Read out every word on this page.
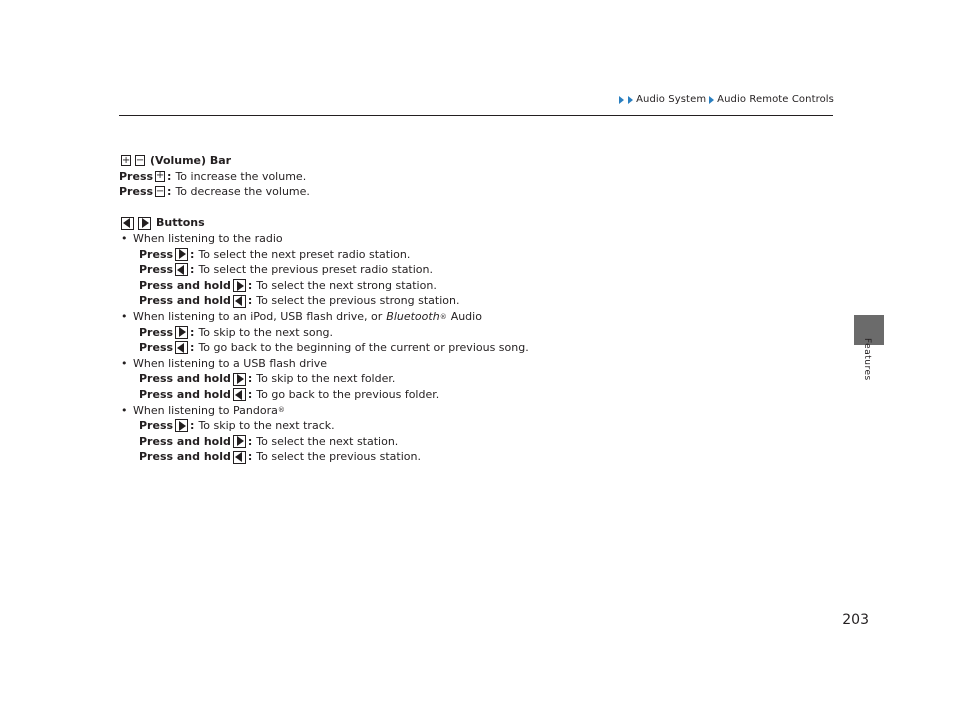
Audio System Audio Remote Controls
Features
+ − (Volume) Bar
Press + : To increase the volume.
Press − : To decrease the volume.
Buttons
• When listening to the radio
Press : To select the next preset radio station.
Press : To select the previous preset radio station.
Press and hold : To select the next strong station.
Press and hold : To select the previous strong station.
• When listening to an iPod, USB flash drive, or Bluetooth ® Audio
Press : To skip to the next song.
Press : To go back to the beginning of the current or previous song.
• When listening to a USB flash drive
Press and hold : To skip to the next folder.
Press and hold : To go back to the previous folder.
• When listening to Pandora ®
Press : To skip to the next track.
Press and hold : To select the next station.
Press and hold : To select the previous station.
203
